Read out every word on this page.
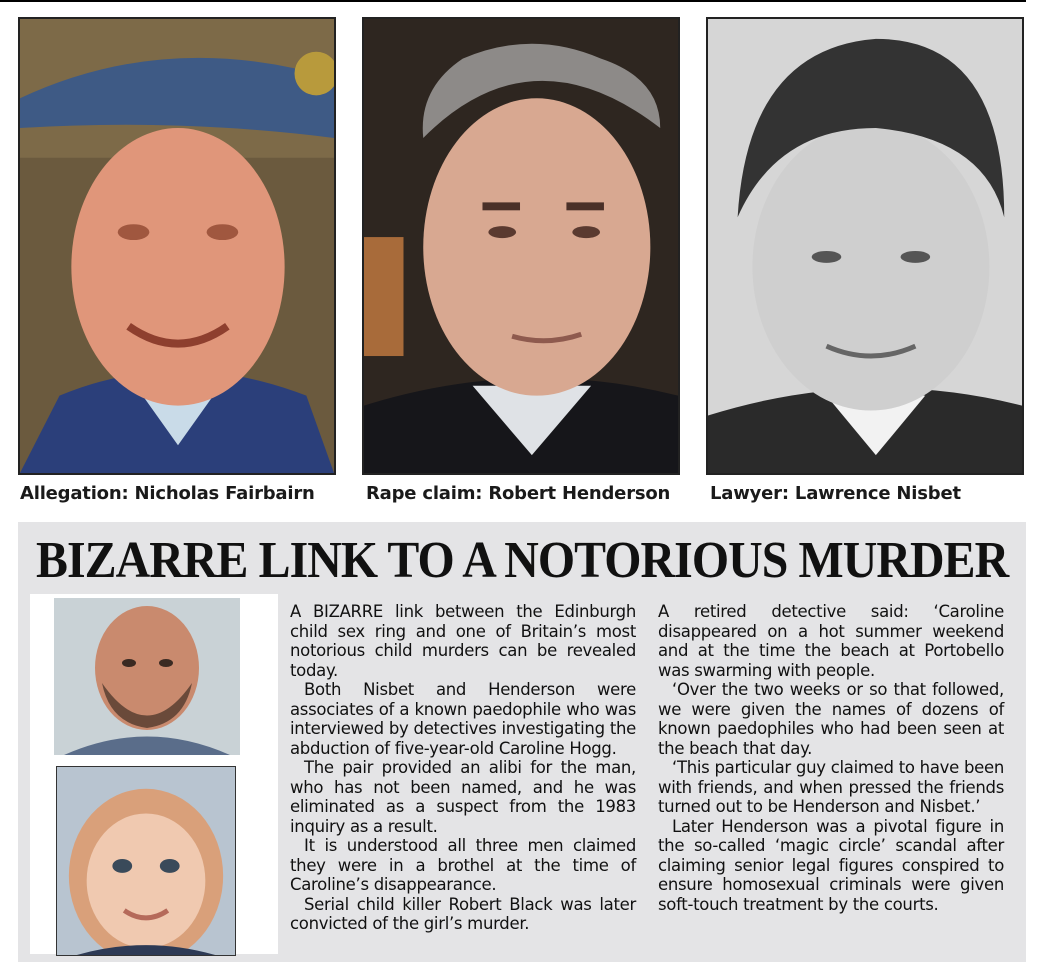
Allegation: Nicholas Fairbairn	Rape claim: Robert Henderson Lawyer: Lawrence Nisbet
BIZARRE LINK TO A NOTORIOUS MURDER

A BIZARRE link between the Edinburgh child sex ring and one of Britain’s most notorious child murders can be revealed today.

Both Nisbet and Henderson were associates of a known paedophile who was interviewed by detectives investigating the abduction of five-year-old Caroline Hogg.

The pair provided an alibi for the man, who has not been named, and he was eliminated as a suspect from the 1983 inquiry as a result.

It is understood all three men claimed they were in a brothel at the time of Caroline’s disappearance.

Serial child killer Robert Black was later convicted of the girl’s murder.

A retired detective said: ‘Caroline disappeared on a hot summer weekend and at the time the beach at Portobello was swarming with people.

‘Over the two weeks or so that followed, we were given the names of dozens of known paedophiles who had been seen at the beach that day.

‘This particular guy claimed to have been with friends, and when pressed the friends turned out to be Henderson and Nisbet.’

Later Henderson was a pivotal figure in the so-called ‘magic circle’ scandal after claiming senior legal figures conspired to ensure homosexual criminals were given soft-touch treatment by the courts.
